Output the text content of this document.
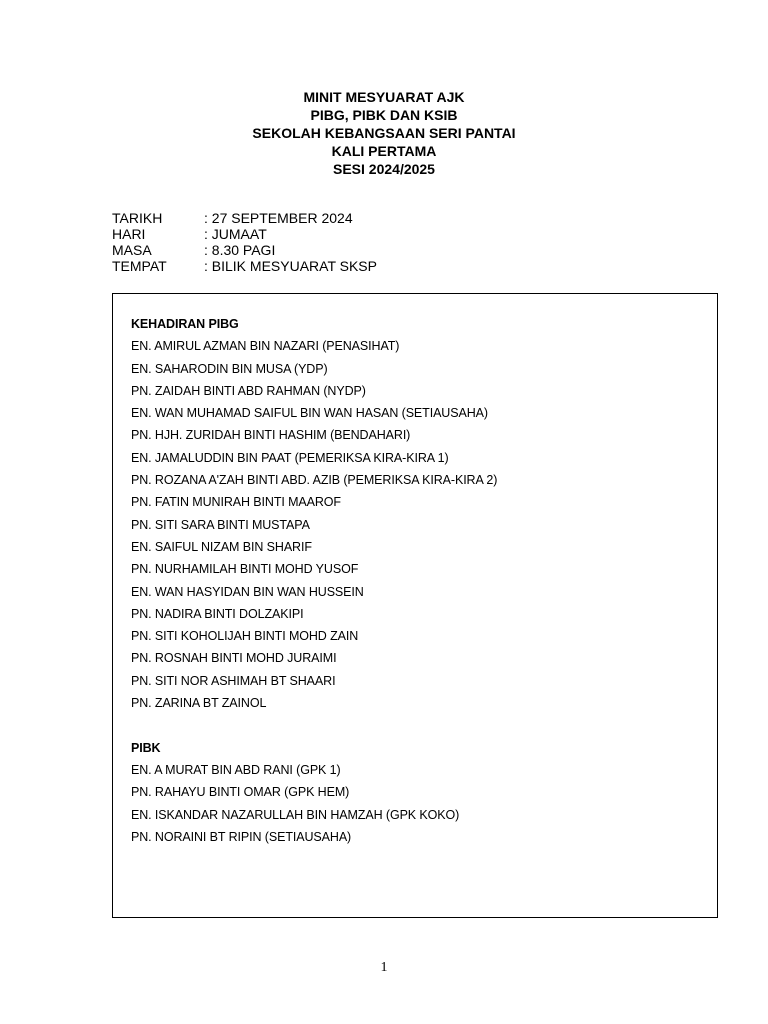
MINIT MESYUARAT AJK
PIBG, PIBK DAN KSIB
SEKOLAH KEBANGSAAN SERI PANTAI
KALI PERTAMA
SESI 2024/2025
TARIKH	: 27 SEPTEMBER 2024
HARI	: JUMAAT
MASA	: 8.30 PAGI
TEMPAT	: BILIK MESYUARAT SKSP
KEHADIRAN PIBG
EN. AMIRUL AZMAN BIN NAZARI (PENASIHAT)
EN. SAHARODIN BIN MUSA (YDP)
PN. ZAIDAH BINTI ABD RAHMAN (NYDP)
EN. WAN MUHAMAD SAIFUL BIN WAN HASAN (SETIAUSAHA)
PN. HJH. ZURIDAH BINTI HASHIM (BENDAHARI)
EN. JAMALUDDIN BIN PAAT (PEMERIKSA KIRA-KIRA 1)
PN. ROZANA A'ZAH BINTI ABD. AZIB (PEMERIKSA KIRA-KIRA 2)
PN. FATIN MUNIRAH BINTI MAAROF
PN. SITI SARA BINTI MUSTAPA
EN. SAIFUL NIZAM BIN SHARIF
PN. NURHAMILAH BINTI MOHD YUSOF
EN. WAN HASYIDAN BIN WAN HUSSEIN
PN. NADIRA BINTI DOLZAKIPI
PN. SITI KOHOLIJAH BINTI MOHD ZAIN
PN. ROSNAH BINTI MOHD JURAIMI
PN. SITI NOR ASHIMAH BT SHAARI
PN. ZARINA BT ZAINOL
PIBK
EN. A MURAT BIN ABD RANI (GPK 1)
PN. RAHAYU BINTI OMAR (GPK HEM)
EN. ISKANDAR NAZARULLAH BIN HAMZAH (GPK KOKO)
PN. NORAINI BT RIPIN (SETIAUSAHA)
1
